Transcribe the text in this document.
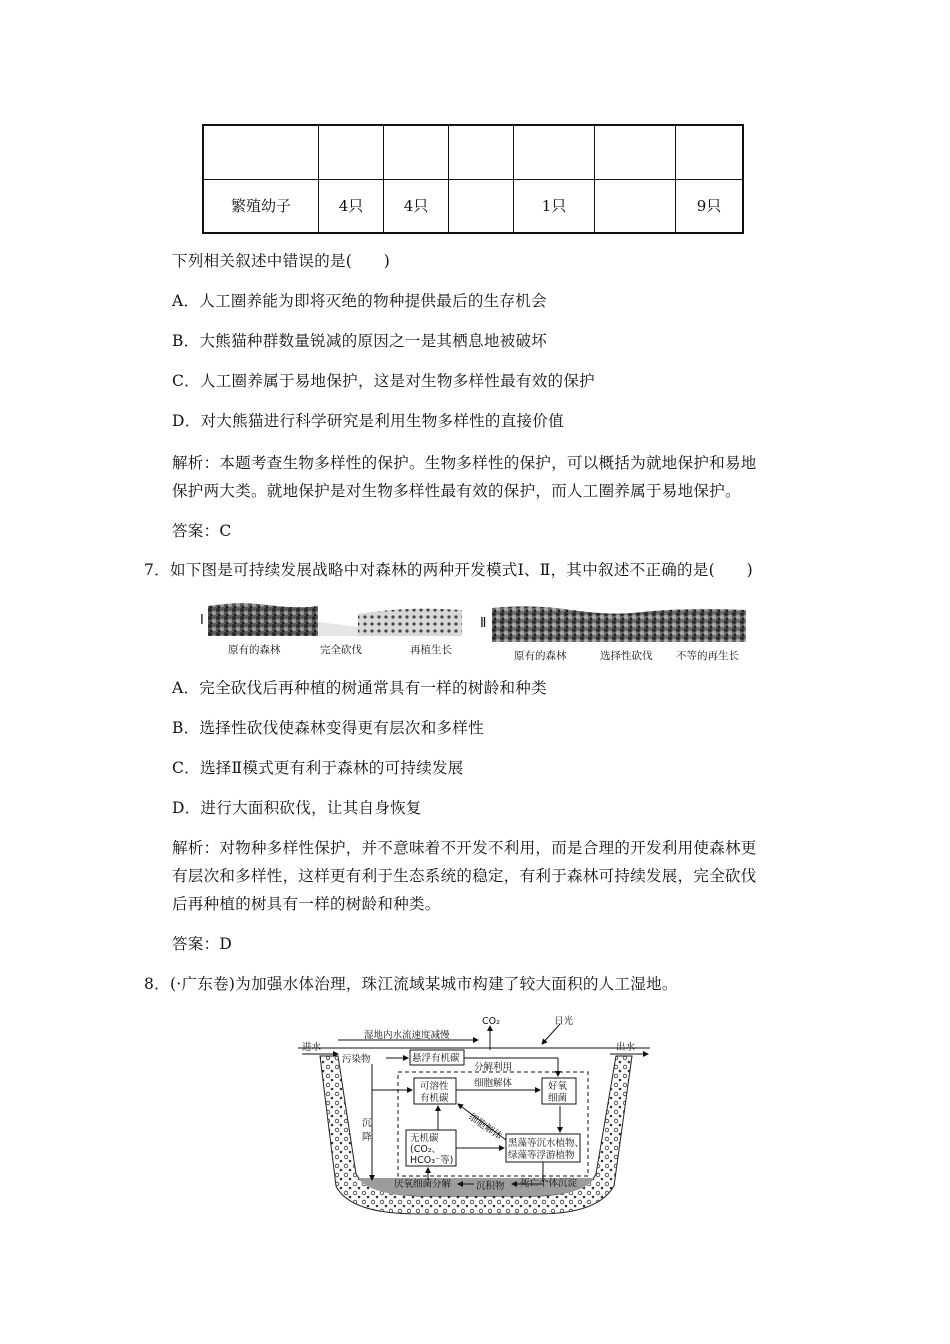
繁殖幼子	4只	4只		1只		9只
下列相关叙述中错误的是(　　)
A．人工圈养能为即将灭绝的物种提供最后的生存机会
B．大熊猫种群数量锐减的原因之一是其栖息地被破坏
C．人工圈养属于易地保护，这是对生物多样性最有效的保护
D．对大熊猫进行科学研究是利用生物多样性的直接价值
解析：本题考查生物多样性的保护。生物多样性的保护，可以概括为就地保护和易地
保护两大类。就地保护是对生物多样性最有效的保护，而人工圈养属于易地保护。
答案：C
7．如下图是可持续发展战略中对森林的两种开发模式Ⅰ、Ⅱ，其中叙述不正确的是(　　)
Ⅰ
原有的森林	完全砍伐	再植生长
Ⅱ
原有的森林	选择性砍伐 不等的再生长
A．完全砍伐后再种植的树通常具有一样的树龄和种类
B．选择性砍伐使森林变得更有层次和多样性
C．选择Ⅱ模式更有利于森林的可持续发展
D．进行大面积砍伐，让其自身恢复
解析：对物种多样性保护，并不意味着不开发不利用，而是合理的开发利用使森林更
有层次和多样性，这样更有利于生态系统的稳定，有利于森林可持续发展，完全砍伐
后再种植的树具有一样的树龄和种类。
答案：D
8．(·广东卷)为加强水体治理，珠江流域某城市构建了较大面积的人工湿地。
CO₂	日光
湿地内水流速度减慢
进水	出水
污染物	悬浮有机碳
分解利用
细胞解体
可溶性
有机碳
好氧
细菌
细胞解体
沉
降	无机碳
(CO₂、
HCO₃⁻等)
黑藻等沉水植物、
绿藻等浮游植物
厌氧细菌分解	沉积物 死亡个体沉淀
